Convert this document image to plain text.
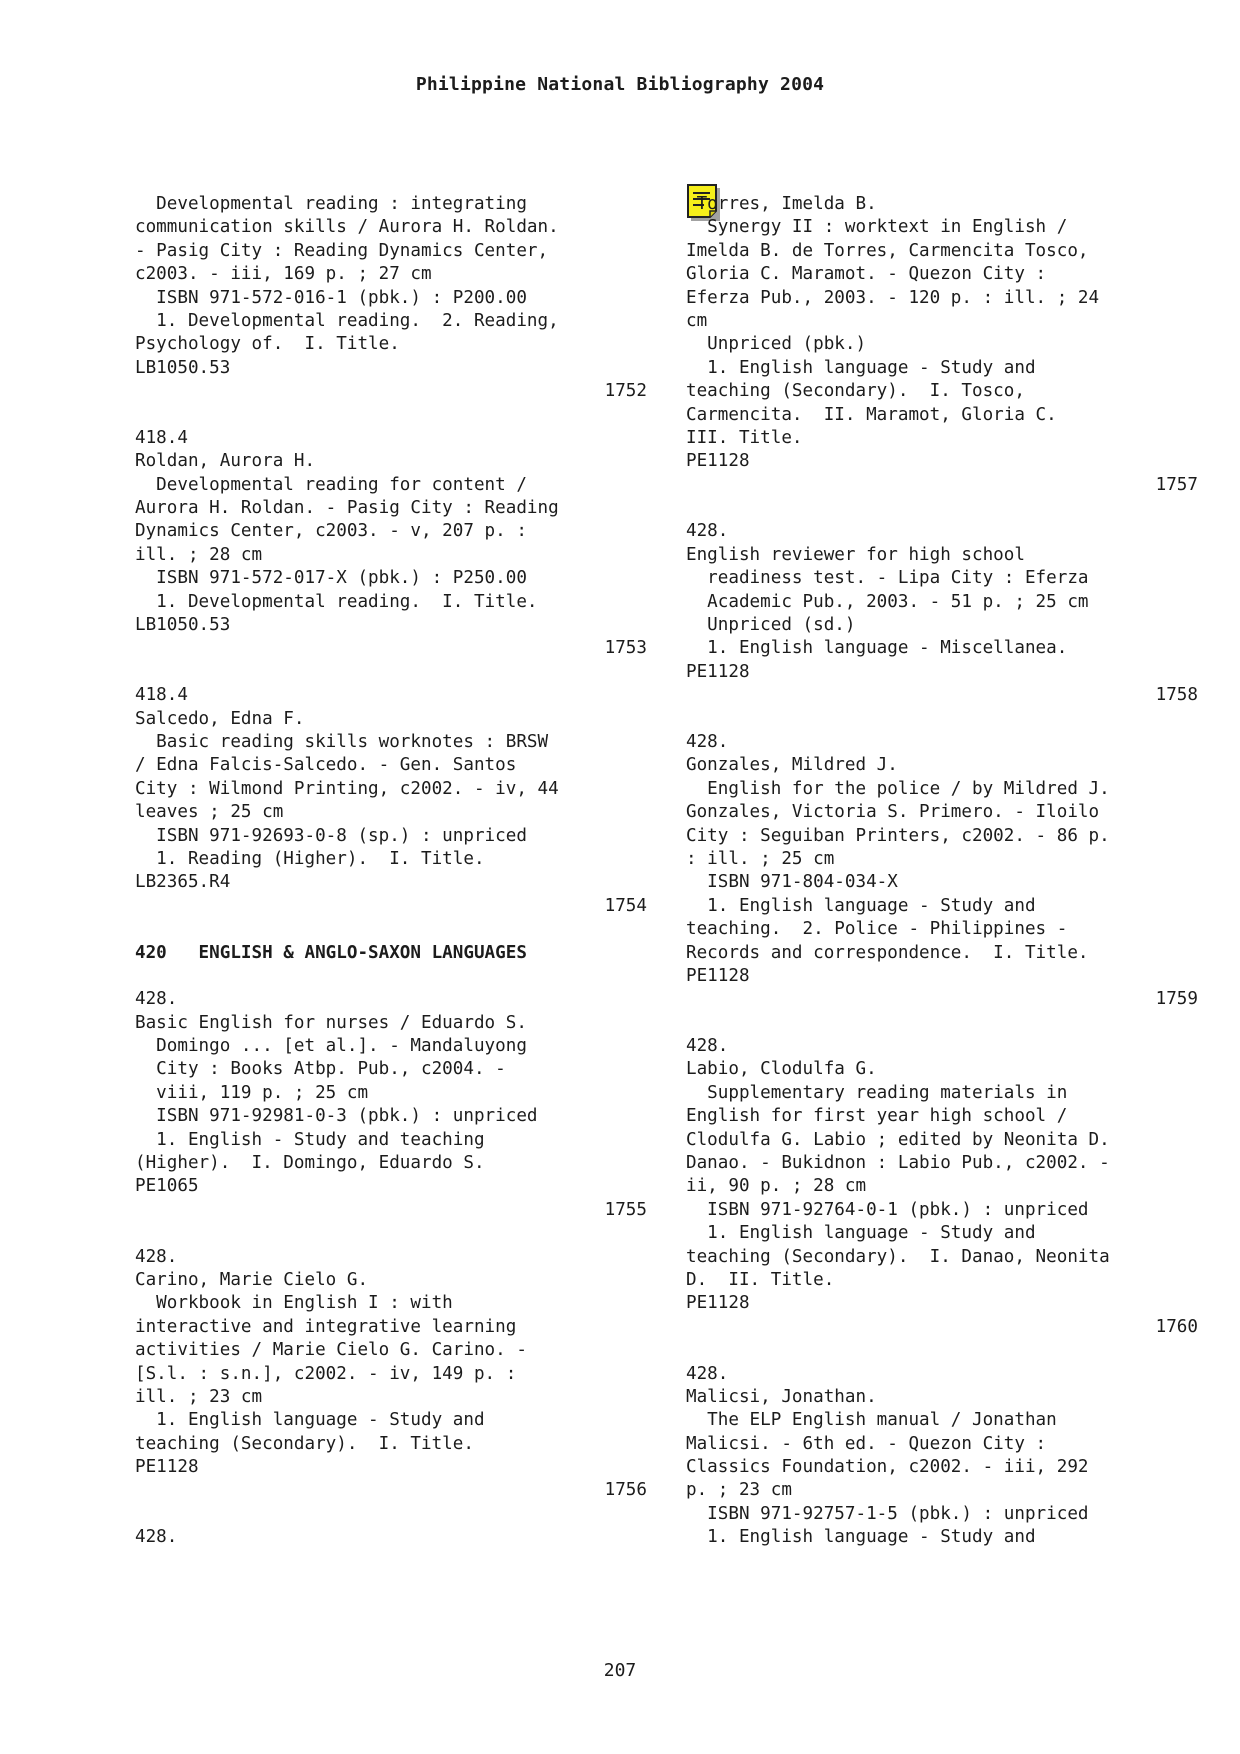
Philippine National Bibliography 2004
Developmental reading : integrating
communication skills / Aurora H. Roldan.
- Pasig City : Reading Dynamics Center,
c2003. - iii, 169 p. ; 27 cm
ISBN 971-572-016-1 (pbk.) : P200.00
1. Developmental reading.  2. Reading,
Psychology of.  I. Title.
LB1050.53
1752
418.4
Roldan, Aurora H.
Developmental reading for content /
Aurora H. Roldan. - Pasig City : Reading
Dynamics Center, c2003. - v, 207 p. :
ill. ; 28 cm
ISBN 971-572-017-X (pbk.) : P250.00
1. Developmental reading.  I. Title.
LB1050.53
1753
418.4
Salcedo, Edna F.
Basic reading skills worknotes : BRSW
/ Edna Falcis-Salcedo. - Gen. Santos
City : Wilmond Printing, c2002. - iv, 44
leaves ; 25 cm
ISBN 971-92693-0-8 (sp.) : unpriced
1. Reading (Higher).  I. Title.
LB2365.R4
1754
420   ENGLISH & ANGLO-SAXON LANGUAGES
428.
Basic English for nurses / Eduardo S.
Domingo ... [et al.]. - Mandaluyong
City : Books Atbp. Pub., c2004. -
viii, 119 p. ; 25 cm
ISBN 971-92981-0-3 (pbk.) : unpriced
1. English - Study and teaching
(Higher).  I. Domingo, Eduardo S.
PE1065
1755
428.
Carino, Marie Cielo G.
Workbook in English I : with
interactive and integrative learning
activities / Marie Cielo G. Carino. -
[S.l. : s.n.], c2002. - iv, 149 p. :
ill. ; 23 cm
1. English language - Study and
teaching (Secondary).  I. Title.
PE1128
1756
428.
Torres, Imelda B.
Synergy II : worktext in English /
Imelda B. de Torres, Carmencita Tosco,
Gloria C. Maramot. - Quezon City :
Eferza Pub., 2003. - 120 p. : ill. ; 24
cm
Unpriced (pbk.)
1. English language - Study and
teaching (Secondary).  I. Tosco,
Carmencita.  II. Maramot, Gloria C.
III. Title.
PE1128
1757
428.
English reviewer for high school
readiness test. - Lipa City : Eferza
Academic Pub., 2003. - 51 p. ; 25 cm
Unpriced (sd.)
1. English language - Miscellanea.
PE1128
1758
428.
Gonzales, Mildred J.
English for the police / by Mildred J.
Gonzales, Victoria S. Primero. - Iloilo
City : Seguiban Printers, c2002. - 86 p.
: ill. ; 25 cm
ISBN 971-804-034-X
1. English language - Study and
teaching.  2. Police - Philippines -
Records and correspondence.  I. Title.
PE1128
1759
428.
Labio, Clodulfa G.
Supplementary reading materials in
English for first year high school /
Clodulfa G. Labio ; edited by Neonita D.
Danao. - Bukidnon : Labio Pub., c2002. -
ii, 90 p. ; 28 cm
ISBN 971-92764-0-1 (pbk.) : unpriced
1. English language - Study and
teaching (Secondary).  I. Danao, Neonita
D.  II. Title.
PE1128
1760
428.
Malicsi, Jonathan.
The ELP English manual / Jonathan
Malicsi. - 6th ed. - Quezon City :
Classics Foundation, c2002. - iii, 292
p. ; 23 cm
ISBN 971-92757-1-5 (pbk.) : unpriced
1. English language - Study and
207
